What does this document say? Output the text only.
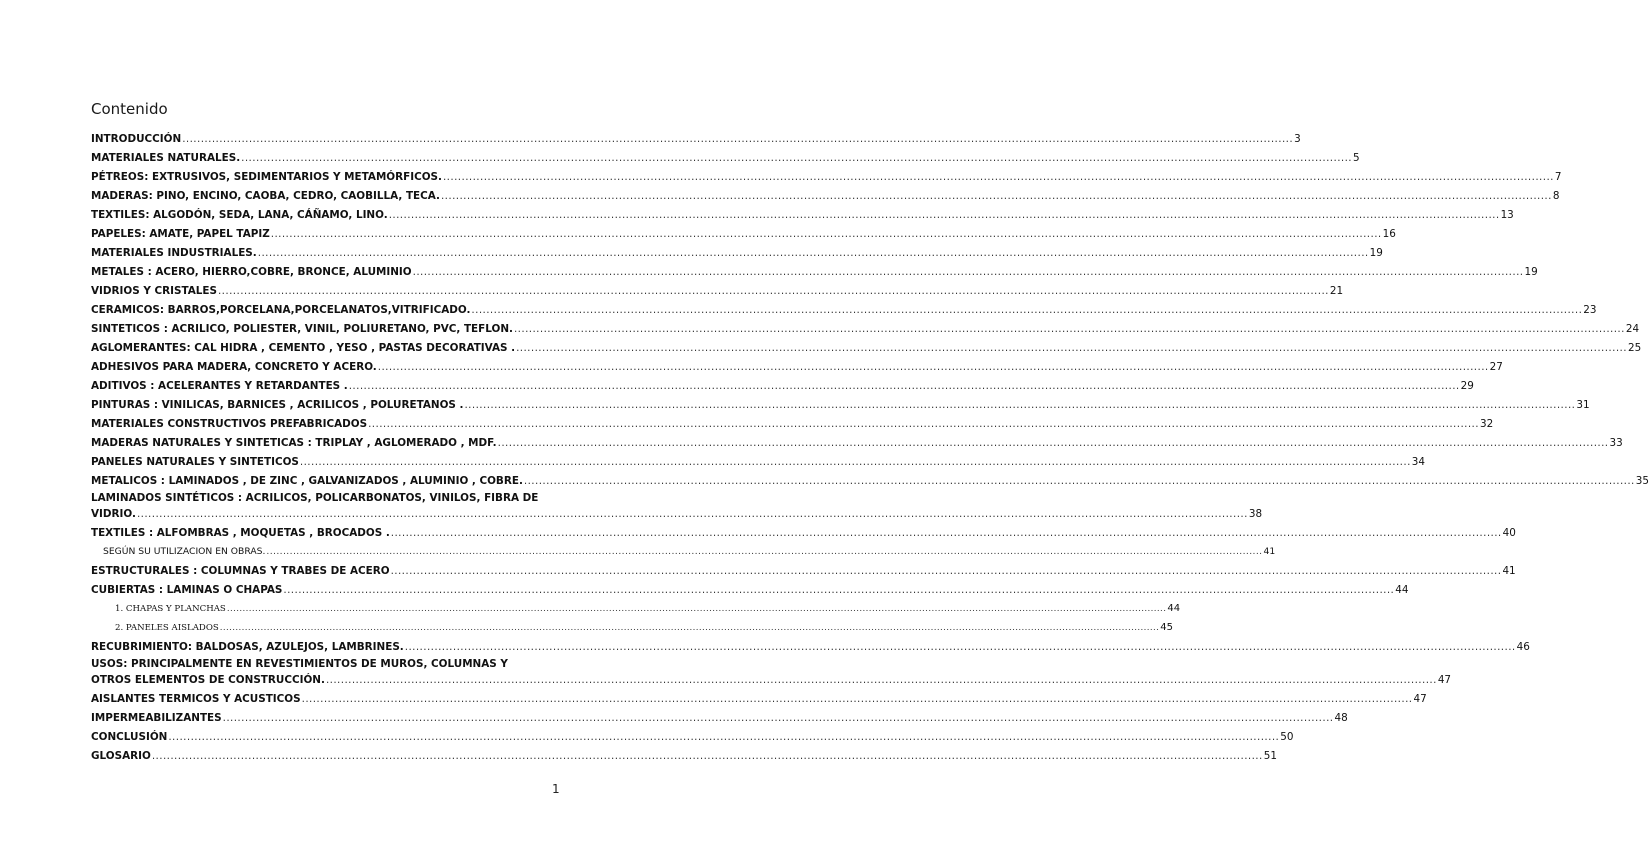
Contenido
INTRODUCCIÓN ............................................................................................................................................................................................................................................................................................................ 3
MATERIALES NATURALES. ............................................................................................................................................................................................................................................................................................................ 5
PÉTREOS: EXTRUSIVOS, SEDIMENTARIOS Y METAMÓRFICOS. ............................................................................................................................................................................................................................................................................................................ 7
MADERAS: PINO, ENCINO, CAOBA, CEDRO, CAOBILLA, TECA. ............................................................................................................................................................................................................................................................................................................ 8
TEXTILES: ALGODÓN, SEDA, LANA, CÁÑAMO, LINO. ............................................................................................................................................................................................................................................................................................................ 13
PAPELES: AMATE, PAPEL TAPIZ ............................................................................................................................................................................................................................................................................................................ 16
MATERIALES INDUSTRIALES. ............................................................................................................................................................................................................................................................................................................ 19
METALES : ACERO, HIERRO,COBRE, BRONCE, ALUMINIO ............................................................................................................................................................................................................................................................................................................ 19
VIDRIOS Y CRISTALES ............................................................................................................................................................................................................................................................................................................ 21
CERAMICOS: BARROS,PORCELANA,PORCELANATOS,VITRIFICADO. ............................................................................................................................................................................................................................................................................................................ 23
SINTETICOS : ACRILICO, POLIESTER, VINIL, POLIURETANO, PVC, TEFLON. ............................................................................................................................................................................................................................................................................................................ 24
AGLOMERANTES: CAL HIDRA , CEMENTO , YESO , PASTAS DECORATIVAS . ............................................................................................................................................................................................................................................................................................................ 25
ADHESIVOS PARA MADERA, CONCRETO Y ACERO. ............................................................................................................................................................................................................................................................................................................ 27
ADITIVOS : ACELERANTES Y RETARDANTES . ............................................................................................................................................................................................................................................................................................................ 29
PINTURAS : VINILICAS, BARNICES , ACRILICOS , POLURETANOS . ............................................................................................................................................................................................................................................................................................................ 31
MATERIALES CONSTRUCTIVOS PREFABRICADOS ............................................................................................................................................................................................................................................................................................................ 32
MADERAS NATURALES Y SINTETICAS : TRIPLAY , AGLOMERADO , MDF. ............................................................................................................................................................................................................................................................................................................ 33
PANELES NATURALES Y SINTETICOS ............................................................................................................................................................................................................................................................................................................ 34
METALICOS : LAMINADOS , DE ZINC , GALVANIZADOS , ALUMINIO , COBRE. ............................................................................................................................................................................................................................................................................................................ 35
LAMINADOS SINTÉTICOS : ACRILICOS, POLICARBONATOS, VINILOS, FIBRA DE
VIDRIO. ............................................................................................................................................................................................................................................................................................................ 38
TEXTILES : ALFOMBRAS , MOQUETAS , BROCADOS . ............................................................................................................................................................................................................................................................................................................ 40
SEGÚN SU UTILIZACION EN OBRAS. ............................................................................................................................................................................................................................................................................................................ 41
ESTRUCTURALES : COLUMNAS Y TRABES DE ACERO ............................................................................................................................................................................................................................................................................................................ 41
CUBIERTAS : LAMINAS O CHAPAS ............................................................................................................................................................................................................................................................................................................ 44
1. CHAPAS Y PLANCHAS ............................................................................................................................................................................................................................................................................................................ 44
2. PANELES AISLADOS ............................................................................................................................................................................................................................................................................................................ 45
RECUBRIMIENTO: BALDOSAS, AZULEJOS, LAMBRINES. ............................................................................................................................................................................................................................................................................................................ 46
USOS: PRINCIPALMENTE EN REVESTIMIENTOS DE MUROS, COLUMNAS Y
OTROS ELEMENTOS DE CONSTRUCCIÓN. ............................................................................................................................................................................................................................................................................................................ 47
AISLANTES TERMICOS Y ACUSTICOS ............................................................................................................................................................................................................................................................................................................ 47
IMPERMEABILIZANTES ............................................................................................................................................................................................................................................................................................................ 48
CONCLUSIÓN ............................................................................................................................................................................................................................................................................................................ 50
GLOSARIO ............................................................................................................................................................................................................................................................................................................ 51
1
